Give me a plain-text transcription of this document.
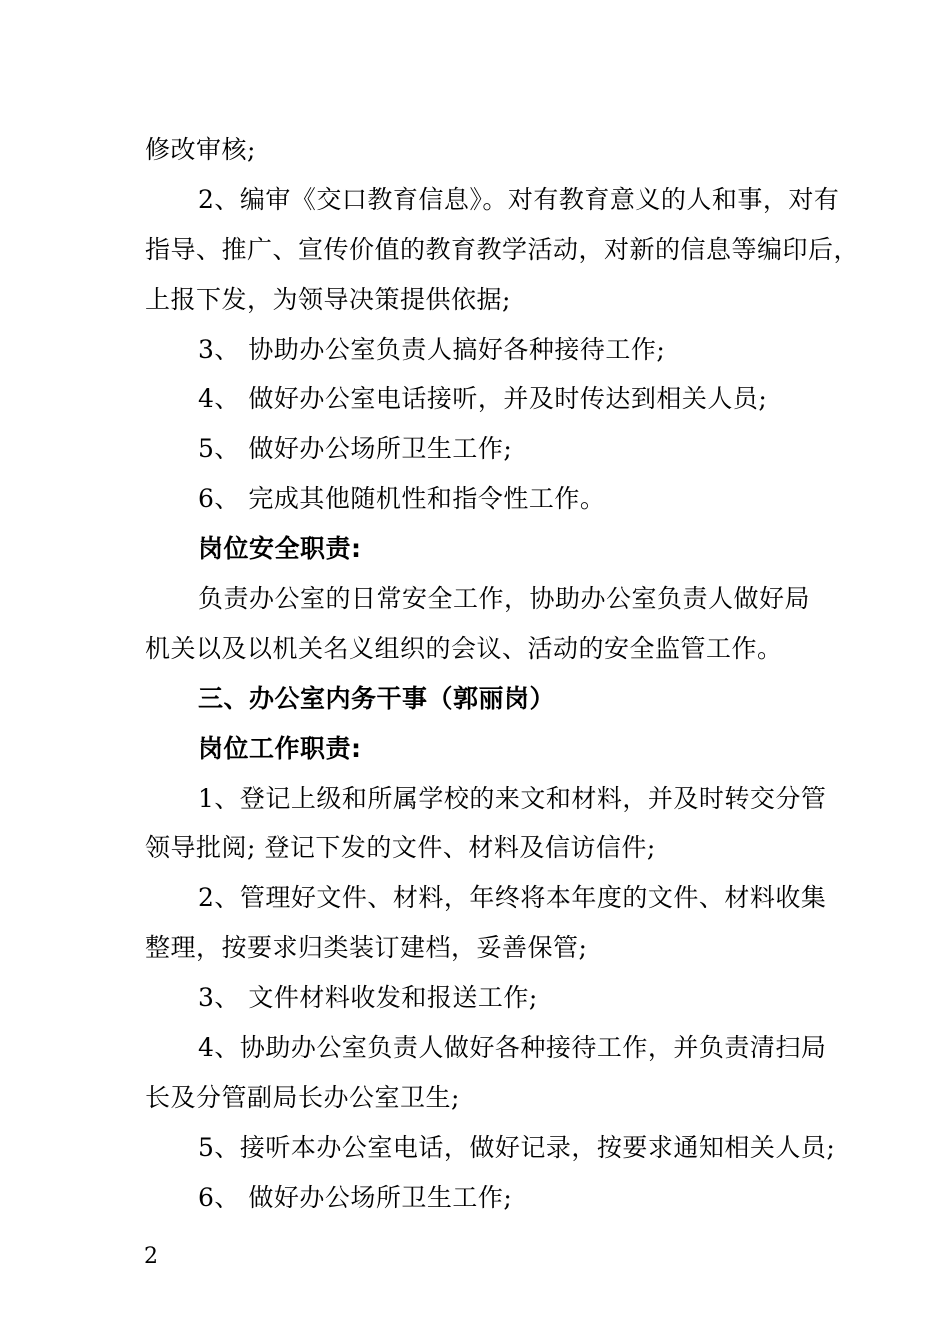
修改审核;
2、编审《交口教育信息》。对有教育意义的人和事，对有
指导、推广、宣传价值的教育教学活动，对新的信息等编印后，
上报下发，为领导决策提供依据;
3、 协助办公室负责人搞好各种接待工作;
4、 做好办公室电话接听，并及时传达到相关人员;
5、 做好办公场所卫生工作;
6、 完成其他随机性和指令性工作。
岗位安全职责:
负责办公室的日常安全工作，协助办公室负责人做好局
机关以及以机关名义组织的会议、活动的安全监管工作。
三、办公室内务干事（郭丽岗）
岗位工作职责:
1、登记上级和所属学校的来文和材料，并及时转交分管
领导批阅; 登记下发的文件、材料及信访信件;
2、管理好文件、材料，年终将本年度的文件、材料收集
整理，按要求归类装订建档，妥善保管;
3、 文件材料收发和报送工作;
4、协助办公室负责人做好各种接待工作，并负责清扫局
长及分管副局长办公室卫生;
5、接听本办公室电话，做好记录，按要求通知相关人员;
6、 做好办公场所卫生工作;
2
